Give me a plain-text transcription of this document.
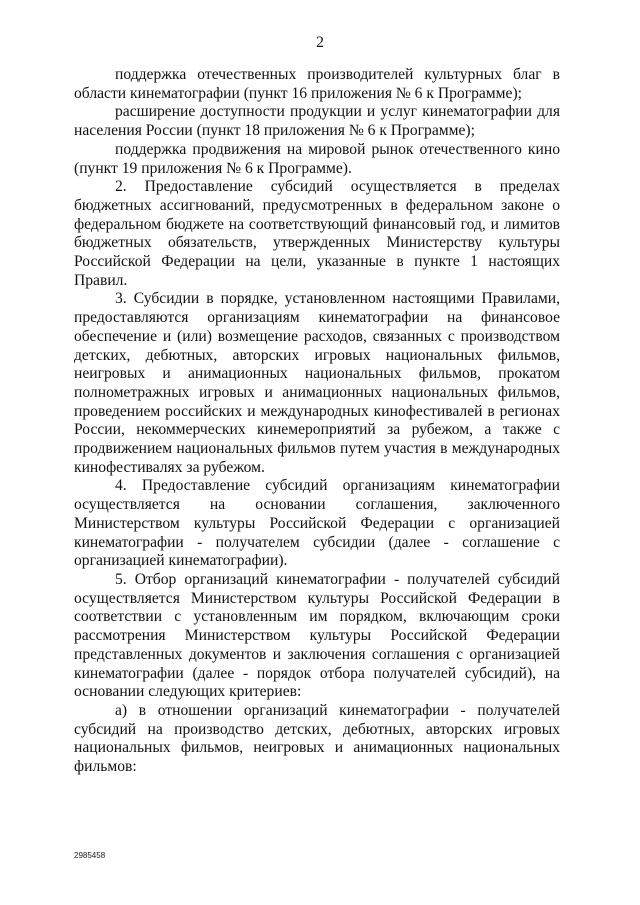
2

поддержка отечественных производителей культурных благ в области кинематографии (пункт 16 приложения № 6 к Программе);

расширение доступности продукции и услуг кинематографии для населения России (пункт 18 приложения № 6 к Программе);

поддержка продвижения на мировой рынок отечественного кино (пункт 19 приложения № 6 к Программе).

2. Предоставление субсидий осуществляется в пределах бюджетных ассигнований, предусмотренных в федеральном законе о федеральном бюджете на соответствующий финансовый год, и лимитов бюджетных обязательств, утвержденных Министерству культуры Российской Федерации на цели, указанные в пункте 1 настоящих Правил.

3. Субсидии в порядке, установленном настоящими Правилами, предоставляются организациям кинематографии на финансовое обеспечение и (или) возмещение расходов, связанных с производством детских, дебютных, авторских игровых национальных фильмов, неигровых и анимационных национальных фильмов, прокатом полнометражных игровых и анимационных национальных фильмов, проведением российских и международных кинофестивалей в регионах России, некоммерческих кинемероприятий за рубежом, а также с продвижением национальных фильмов путем участия в международных кинофестивалях за рубежом.

4. Предоставление субсидий организациям кинематографии осуществляется на основании соглашения, заключенного Министерством культуры Российской Федерации с организацией кинематографии - получателем субсидии (далее - соглашение с организацией кинематографии).

5. Отбор организаций кинематографии - получателей субсидий осуществляется Министерством культуры Российской Федерации в соответствии с установленным им порядком, включающим сроки рассмотрения Министерством культуры Российской Федерации представленных документов и заключения соглашения с организацией кинематографии (далее - порядок отбора получателей субсидий), на основании следующих критериев:

а) в отношении организаций кинематографии - получателей субсидий на производство детских, дебютных, авторских игровых национальных фильмов, неигровых и анимационных национальных фильмов:

2985458
